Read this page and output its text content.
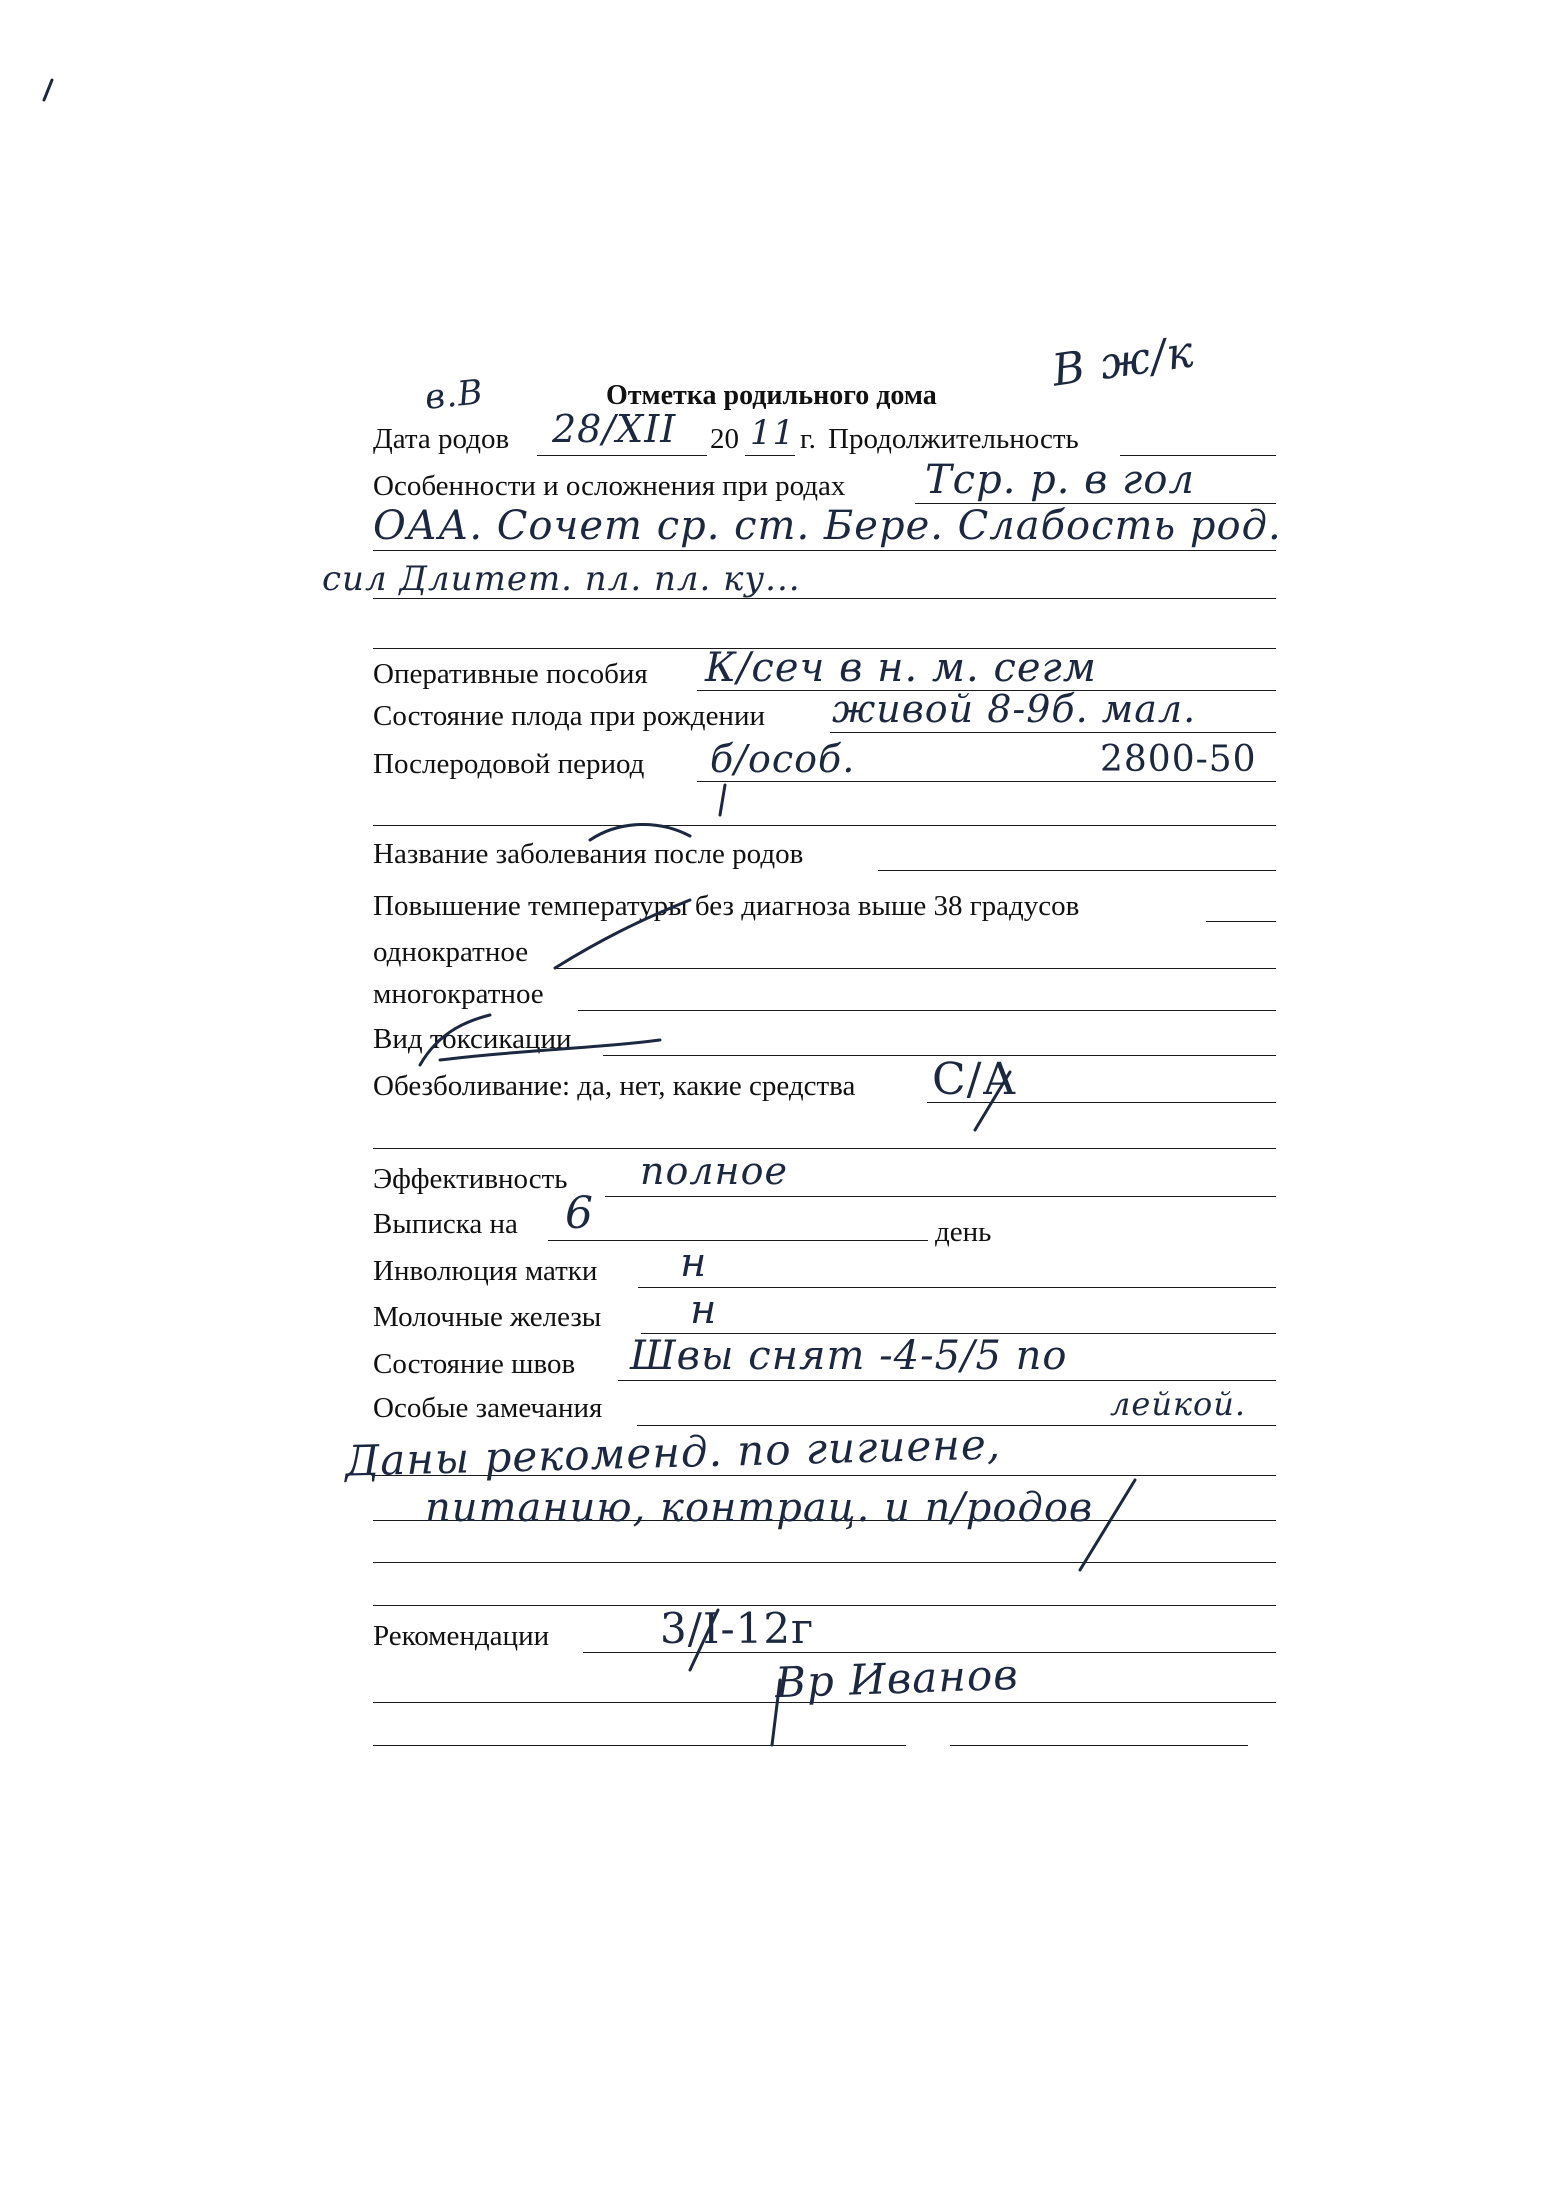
В ж/к
в.В	Отметка родильного дома
Дата родов 28/XII 20 11 г. Продолжительность
Особенности и осложнения при родах Тср. р. в гол
ОАА. Сочет ср. ст. Бере. Слабость род.
сил Длитет. пл. пл. ку...
Оперативные пособия К/сеч в н. м. сегм
Состояние плода при рождении живой 8-9б. мал.
Послеродовой период б/особ.	2800-50
Название заболевания после родов
Повышение температуры без диагноза выше 38 градусов
однократное
многократное
Вид токсикации
Обезболивание: да, нет, какие средства С/А
Эффективность полное
Выписка на 6	день
Инволюция матки н
Молочные железы н
Состояние швов Швы снят -4-5/5 по
Особые замечания	лейкой.
Даны рекоменд. по гигиене,
питанию, контрац. и п/родов
Рекомендации	3/I-12г
Вр Иванов
